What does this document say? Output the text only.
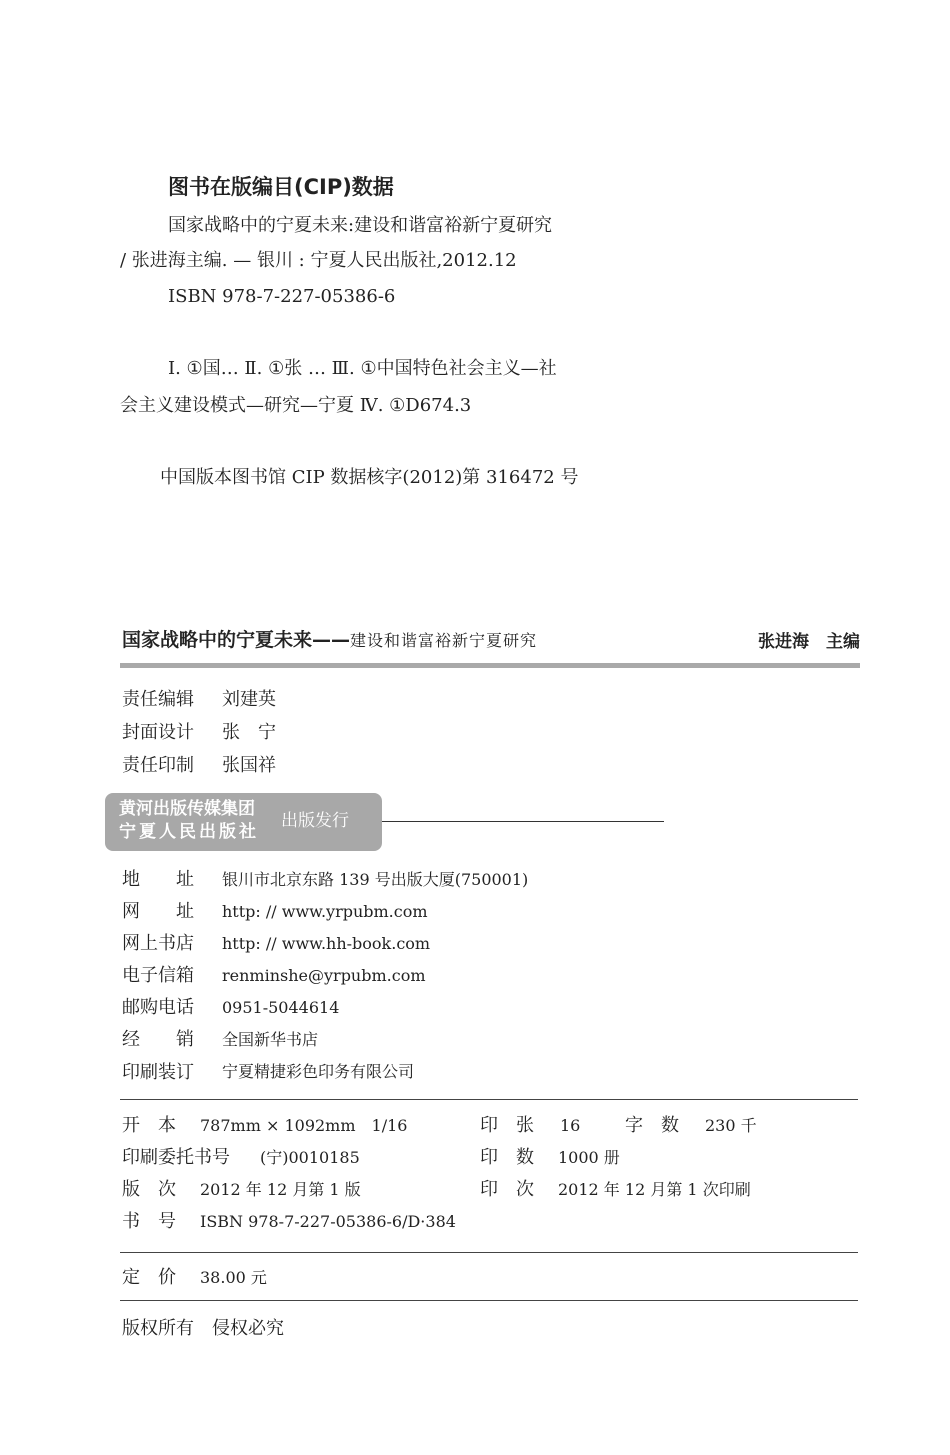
图书在版编目(CIP)数据
国家战略中的宁夏未来:建设和谐富裕新宁夏研究
/ 张进海主编. — 银川 : 宁夏人民出版社,2012.12
ISBN 978-7-227-05386-6
Ⅰ. ①国… Ⅱ. ①张 … Ⅲ. ①中国特色社会主义—社
会主义建设模式—研究—宁夏 Ⅳ. ①D674.3
中国版本图书馆 CIP 数据核字(2012)第 316472 号
国家战略中的宁夏未来——建设和谐富裕新宁夏研究	张进海　主编
责任编辑 刘建英
封面设计 张　宁
责任印制 张国祥
黄河出版传媒集团
宁夏人民出版社
出版发行
地　　址 银川市北京东路 139 号出版大厦(750001)
网　　址 http: // www.yrpubm.com
网上书店 http: // www.hh-book.com
电子信箱 renminshe@yrpubm.com
邮购电话 0951-5044614
经　　销 全国新华书店
印刷装订 宁夏精捷彩色印务有限公司
开　本 787mm × 1092mm　1/16	印　张 16 字　数 230 千
印刷委托书号 (宁)0010185	印　数 1000 册
版　次 2012 年 12 月第 1 版	印　次 2012 年 12 月第 1 次印刷
书　号 ISBN 978-7-227-05386-6/D·384
定　价 38.00 元
版权所有　侵权必究
